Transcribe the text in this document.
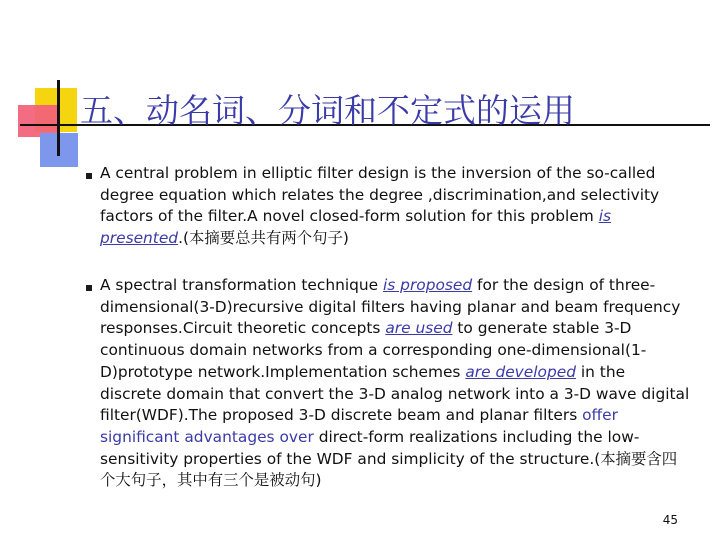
五、动名词、分词和不定式的运用

A central problem in elliptic filter design is the inversion of the so-called degree equation which relates the degree ,discrimination,and selectivity factors of the filter.A novel closed-form solution for this problem is presented.(本摘要总共有两个句子)

A spectral transformation technique is proposed for the design of three-dimensional(3-D)recursive digital filters having planar and beam frequency responses.Circuit theoretic concepts are used to generate stable 3-D continuous domain networks from a corresponding one-dimensional(1-D)prototype network.Implementation schemes are developed in the discrete domain that convert the 3-D analog network into a 3-D wave digital filter(WDF).The proposed 3-D discrete beam and planar filters offer significant advantages over direct-form realizations including the low-sensitivity properties of the WDF and simplicity of the structure.(本摘要含四个大句子，其中有三个是被动句)

45
